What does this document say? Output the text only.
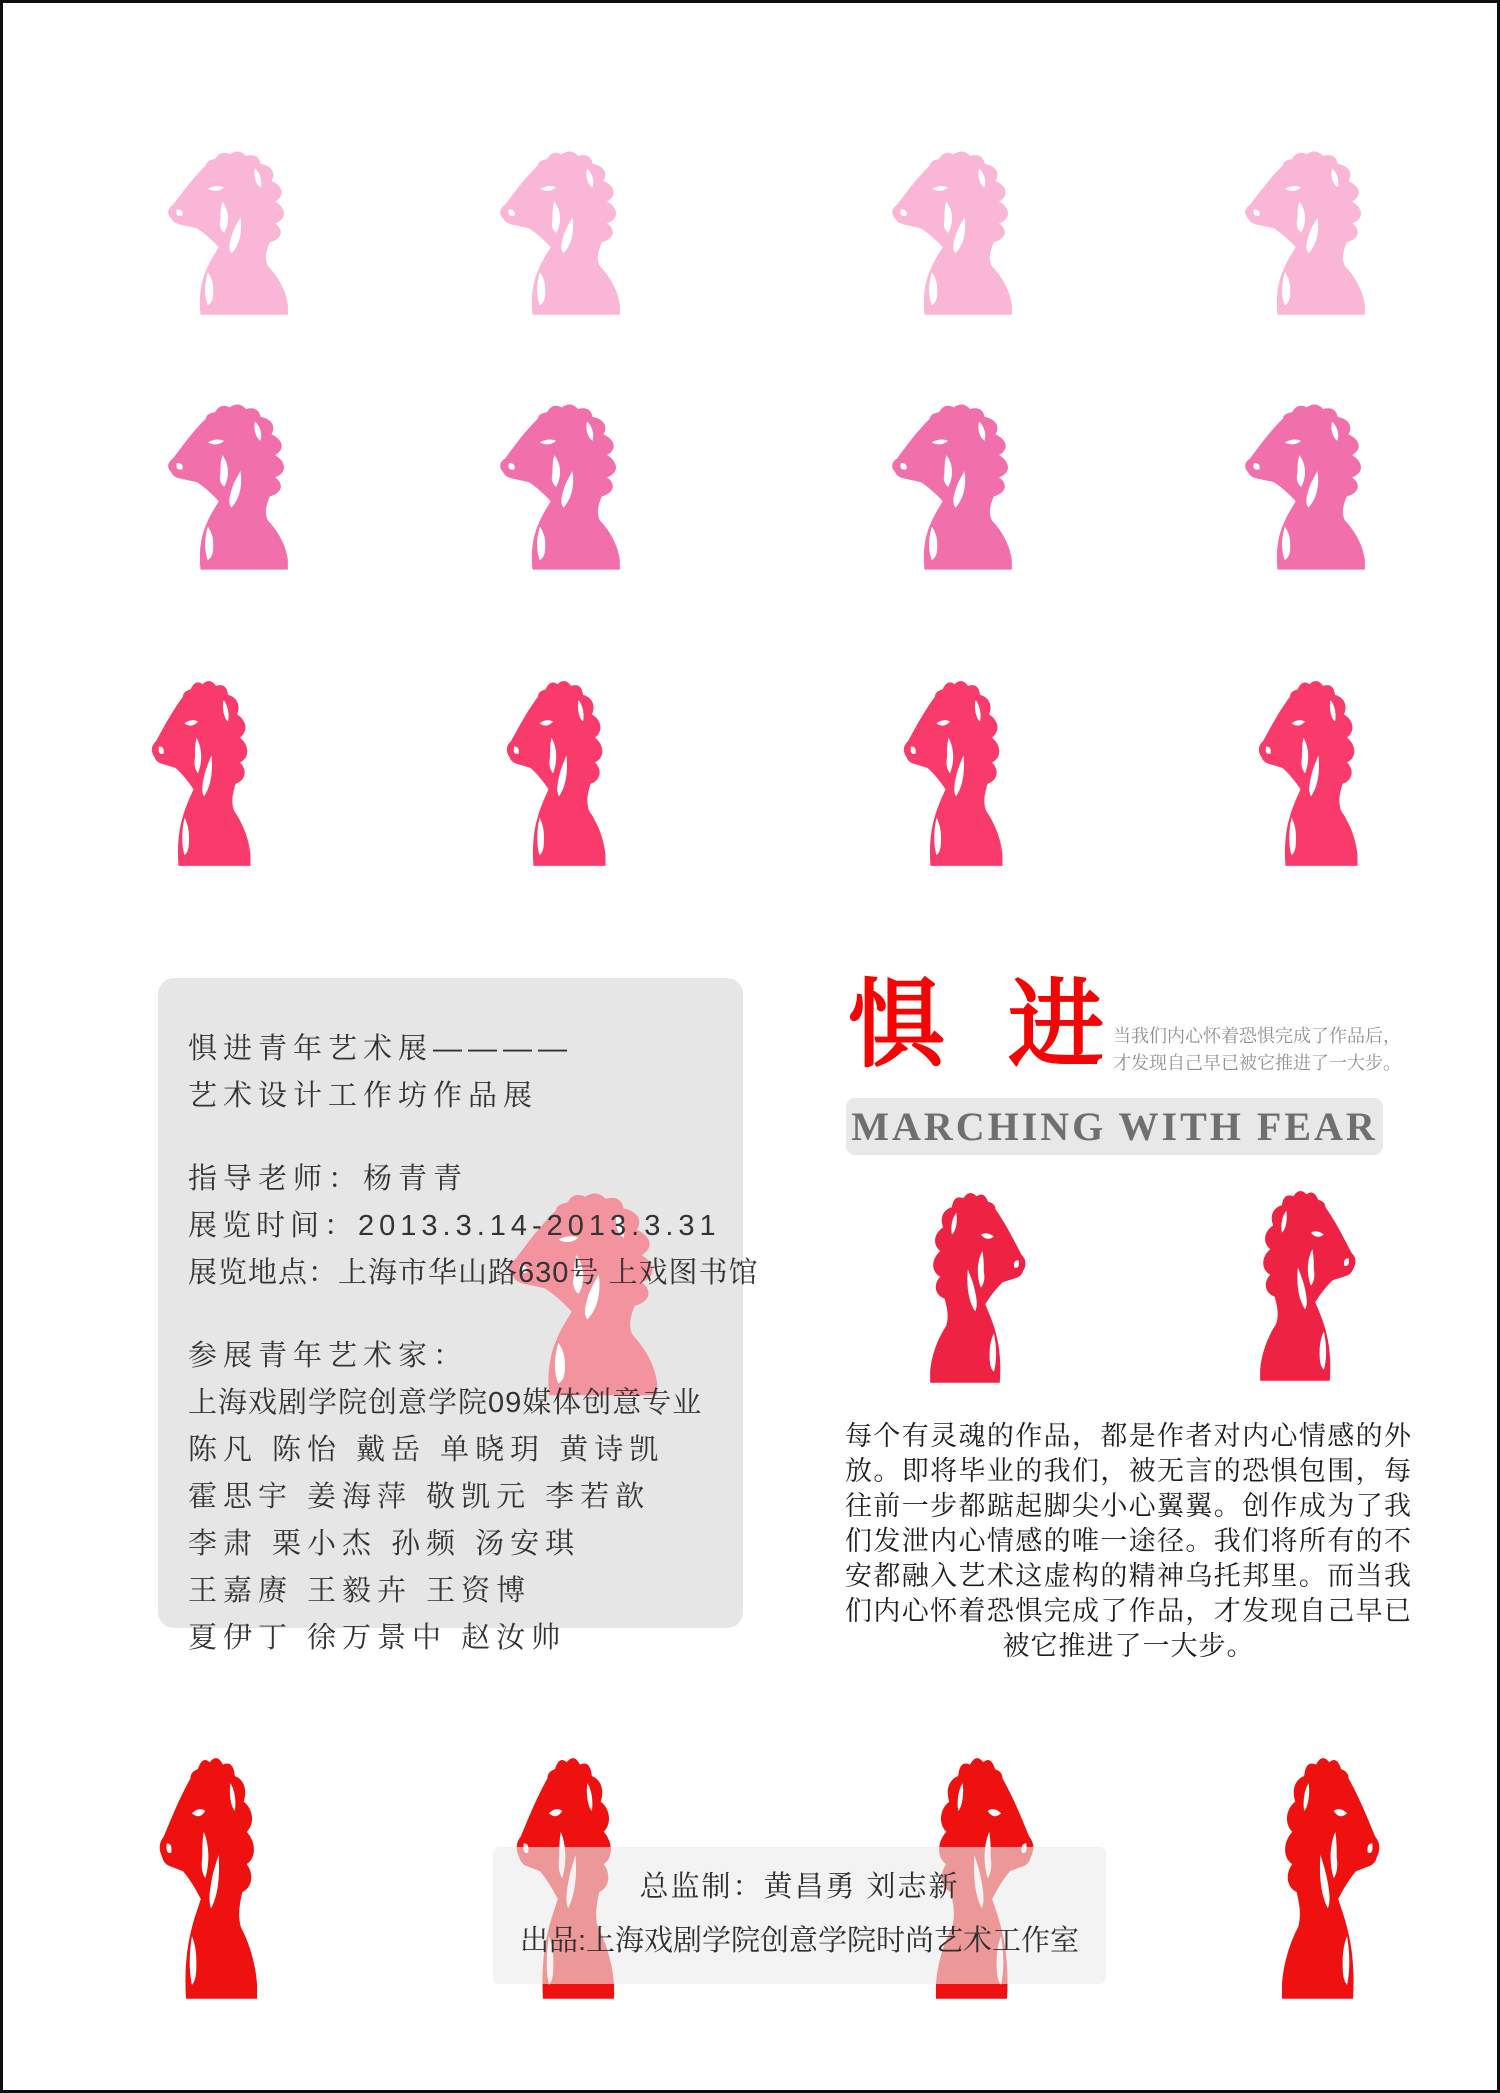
惧进青年艺术展————
艺术设计工作坊作品展
指导老师：杨青青
展览时间：2013.3.14-2013.3.31
展览地点：上海市华山路630号 上戏图书馆
参展青年艺术家：
上海戏剧学院创意学院09媒体创意专业
陈凡 陈怡 戴岳 单晓玥 黄诗凯
霍思宇 姜海萍 敬凯元 李若歆
李肃 栗小杰 孙频 汤安琪
王嘉赓 王毅卉 王资博
夏伊丁 徐万景中 赵汝帅
惧 进
当我们内心怀着恐惧完成了作品后，
才发现自己早已被它推进了一大步。
MARCHING WITH FEAR
每个有灵魂的作品，都是作者对内心情感的外放。即将毕业的我们，被无言的恐惧包围，每往前一步都踮起脚尖小心翼翼。创作成为了我们发泄内心情感的唯一途径。我们将所有的不安都融入艺术这虚构的精神乌托邦里。而当我们内心怀着恐惧完成了作品，才发现自己早已被它推进了一大步。
总监制：黄昌勇 刘志新
出品:上海戏剧学院创意学院时尚艺术工作室
